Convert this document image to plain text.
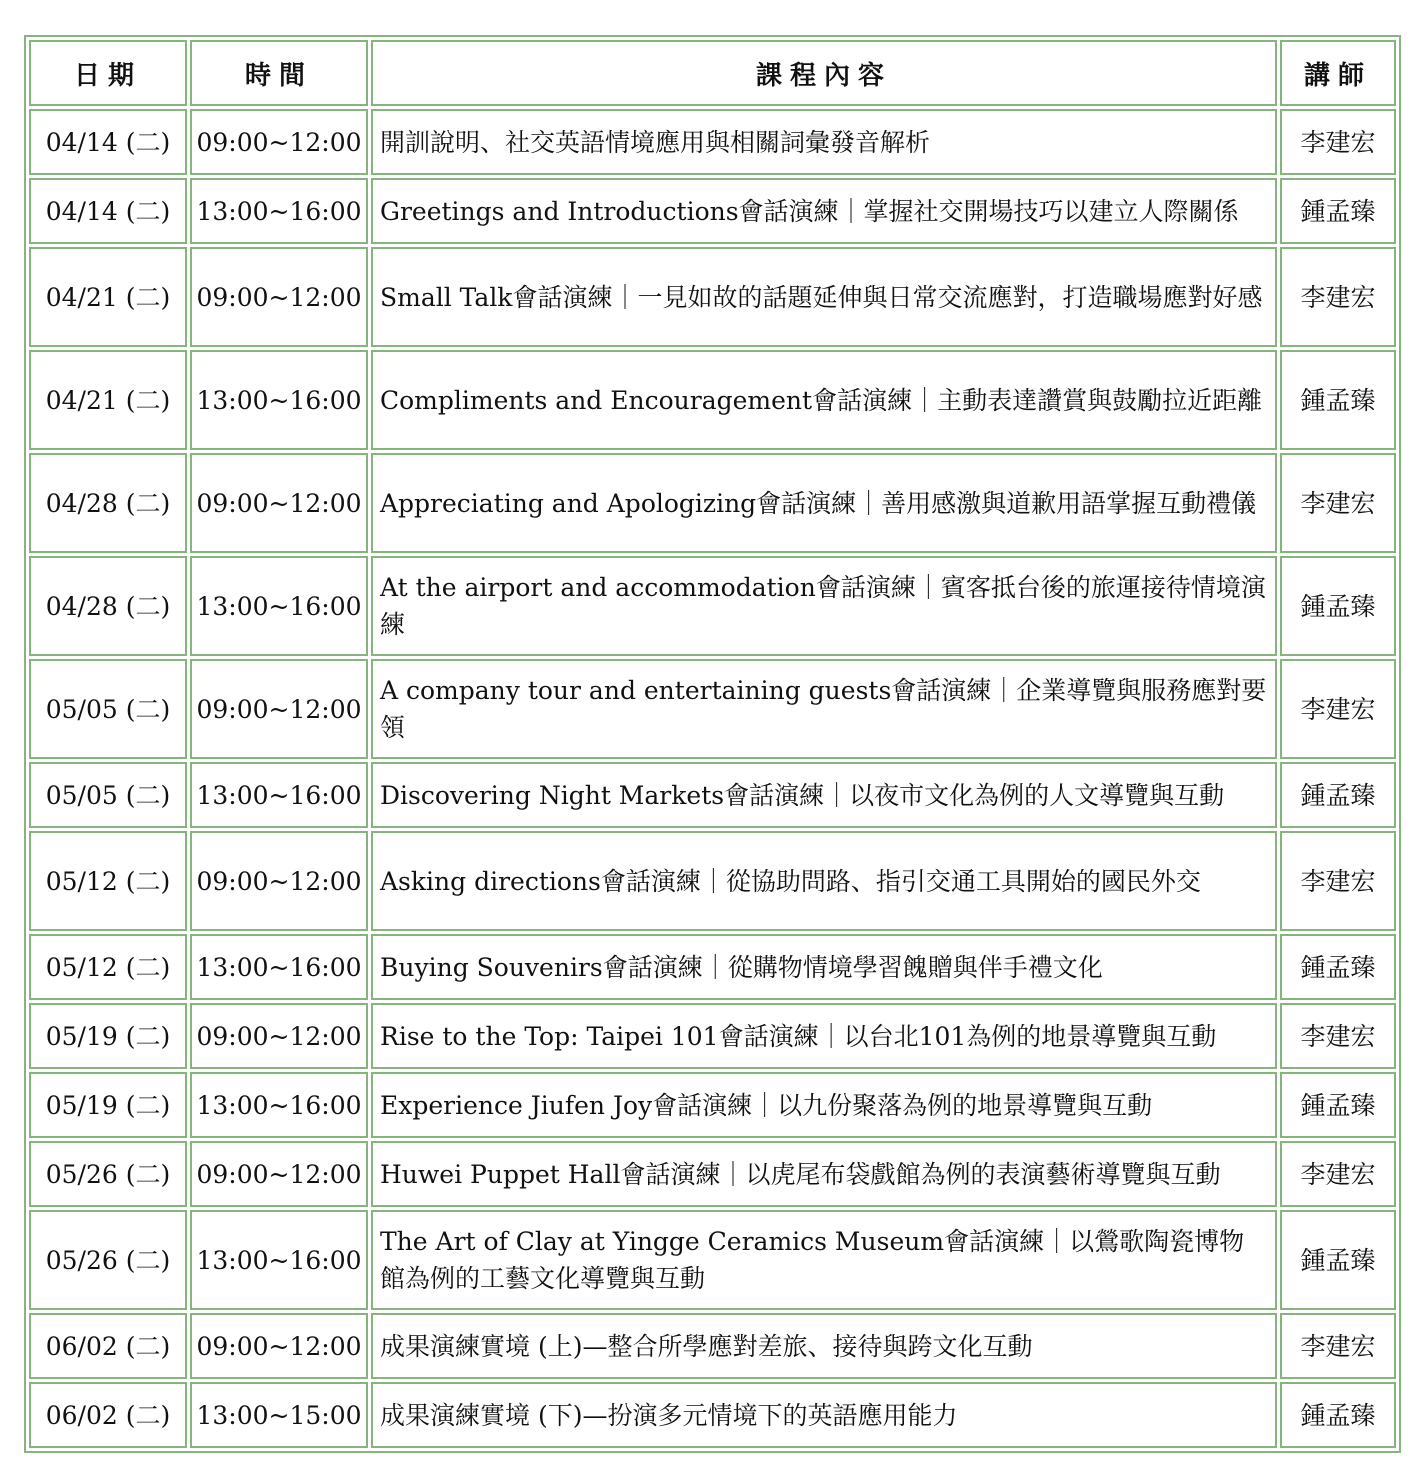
日期	時間	課程內容	講師
04/14 (二)	09:00~12:00	開訓說明、社交英語情境應用與相關詞彙發音解析	李建宏
04/14 (二)	13:00~16:00	Greetings and Introductions會話演練｜掌握社交開場技巧以建立人際關係	鍾孟臻
04/21 (二)	09:00~12:00	Small Talk會話演練｜一見如故的話題延伸與日常交流應對，打造職場應對好感	李建宏
04/21 (二)	13:00~16:00	Compliments and Encouragement會話演練｜主動表達讚賞與鼓勵拉近距離	鍾孟臻
04/28 (二)	09:00~12:00	Appreciating and Apologizing會話演練｜善用感激與道歉用語掌握互動禮儀	李建宏
04/28 (二)	13:00~16:00	At the airport and accommodation會話演練｜賓客抵台後的旅運接待情境演練	鍾孟臻
05/05 (二)	09:00~12:00	A company tour and entertaining guests會話演練｜企業導覽與服務應對要領	李建宏
05/05 (二)	13:00~16:00	Discovering Night Markets會話演練｜以夜市文化為例的人文導覽與互動	鍾孟臻
05/12 (二)	09:00~12:00	Asking directions會話演練｜從協助問路、指引交通工具開始的國民外交	李建宏
05/12 (二)	13:00~16:00	Buying Souvenirs會話演練｜從購物情境學習餽贈與伴手禮文化	鍾孟臻
05/19 (二)	09:00~12:00	Rise to the Top: Taipei 101會話演練｜以台北101為例的地景導覽與互動	李建宏
05/19 (二)	13:00~16:00	Experience Jiufen Joy會話演練｜以九份聚落為例的地景導覽與互動	鍾孟臻
05/26 (二)	09:00~12:00	Huwei Puppet Hall會話演練｜以虎尾布袋戲館為例的表演藝術導覽與互動	李建宏
05/26 (二)	13:00~16:00	The Art of Clay at Yingge Ceramics Museum會話演練｜以鶯歌陶瓷博物館為例的工藝文化導覽與互動	鍾孟臻
06/02 (二)	09:00~12:00	成果演練實境 (上)—整合所學應對差旅、接待與跨文化互動	李建宏
06/02 (二)	13:00~15:00	成果演練實境 (下)—扮演多元情境下的英語應用能力	鍾孟臻
